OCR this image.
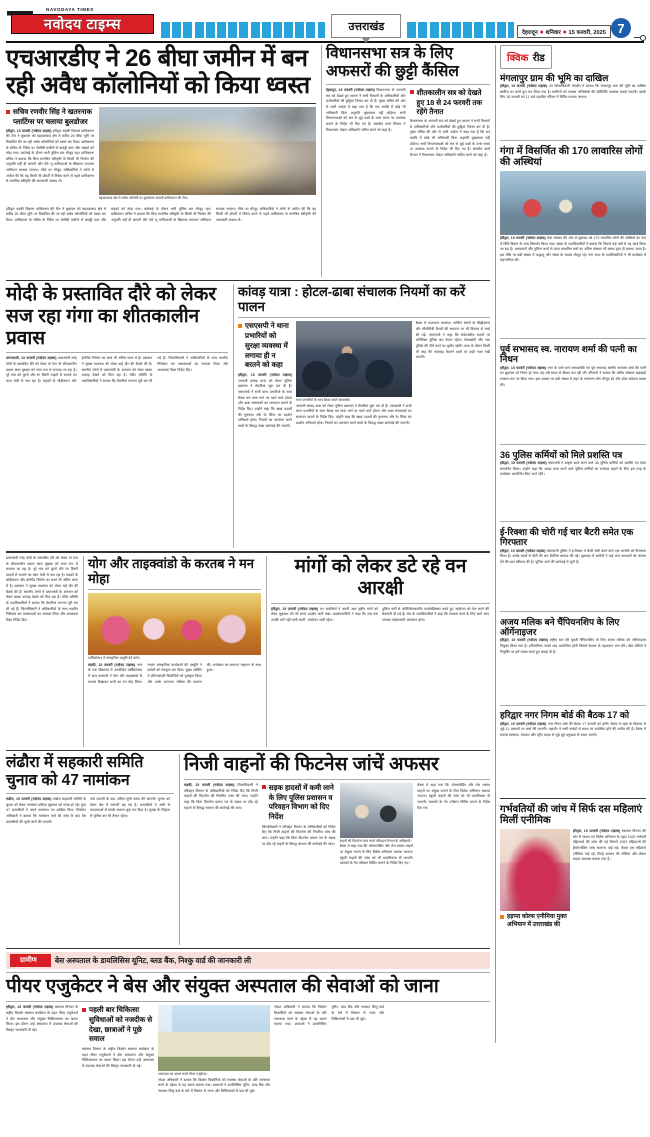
NAVODAYA TIMES
नवोदय टाइम्स	उत्तराखंड	देहरादून ● शनिवार ● 15 फरवरी, 2025 7
एचआरडीए ने 26 बीघा जमीन में बन रही अवैध कॉलोनियों को किया ध्वस्त
सचिव रणवीर सिंह ने खतरनाक प्लाटिंग्स पर चलाया बुलडोजर
हरिद्वार, 15 फरवरी (नवोदय टाइम्स) हरिद्वार रुड़की विकास प्राधिकरण की टीम ने शुक्रवार को बहादराबाद क्षेत्र में करीब 26 बीघा भूमि पर विकसित की जा रही अवैध कॉलोनियों को ध्वस्त कर दिया। प्राधिकरण के सचिव के निर्देश पर जेसीबी मशीनों से बाउंड्री वाल और सड़कों को तोड़ा गया। कार्रवाई के दौरान भारी पुलिस बल मौजूद रहा। प्राधिकरण सचिव ने बताया कि बिना मानचित्र स्वीकृति के किसी भी निर्माण की अनुमति नहीं दी जाएगी और ऐसे भू माफियाओं के खिलाफ लगातार अभियान चलाया जाएगा। मौके पर मौजूद अधिकारियों ने लोगों से अपील की कि वह किसी भी प्रॉपर्टी में निवेश करने से पहले प्राधिकरण से मानचित्र स्वीकृति की जानकारी अवश्य लें।
बहादराबाद क्षेत्र में अवैध कॉलोनी पर बुलडोजर चलाती प्राधिकरण की टीम।
हरिद्वार रुड़की विकास प्राधिकरण की टीम ने शुक्रवार को बहादराबाद क्षेत्र में करीब 26 बीघा भूमि पर विकसित की जा रही अवैध कॉलोनियों को ध्वस्त कर दिया। प्राधिकरण के सचिव के निर्देश पर जेसीबी मशीनों से बाउंड्री वाल और सड़कों को तोड़ा गया। कार्रवाई के दौरान भारी पुलिस बल मौजूद रहा। प्राधिकरण सचिव ने बताया कि बिना मानचित्र स्वीकृति के किसी भी निर्माण की अनुमति नहीं दी जाएगी और ऐसे भू माफियाओं के खिलाफ लगातार अभियान चलाया जाएगा। मौके पर मौजूद अधिकारियों ने लोगों से अपील की कि वह किसी भी प्रॉपर्टी में निवेश करने से पहले प्राधिकरण से मानचित्र स्वीकृति की जानकारी अवश्य लें।
विधानसभा सत्र के लिए अफसरों की छुट्टी कैंसिल
देहरादून, 15 फरवरी (नवोदय टाइम्स) विधानसभा के आगामी सत्र को देखते हुए शासन ने सभी विभागों के अधिकारियों और कर्मचारियों की छुट्टियां निरस्त कर दी हैं। मुख्य सचिव की ओर से जारी आदेश में कहा गया है कि सत्र अवधि में कोई भी अधिकारी बिना अनुमति मुख्यालय नहीं छोड़ेगा। सभी विभागाध्यक्षों को सत्र से जुड़े प्रश्नों के उत्तर समय पर उपलब्ध कराने के निर्देश भी दिए गए हैं। संसदीय कार्य विभाग ने विभागवार नोडल अधिकारी नामित करने को कहा है।
शीतकालीन सत्र को देखते हुए 18 से 24 फरवरी तक रहेंगे तैनात
विधानसभा के आगामी सत्र को देखते हुए शासन ने सभी विभागों के अधिकारियों और कर्मचारियों की छुट्टियां निरस्त कर दी हैं। मुख्य सचिव की ओर से जारी आदेश में कहा गया है कि सत्र अवधि में कोई भी अधिकारी बिना अनुमति मुख्यालय नहीं छोड़ेगा। सभी विभागाध्यक्षों को सत्र से जुड़े प्रश्नों के उत्तर समय पर उपलब्ध कराने के निर्देश भी दिए गए हैं। संसदीय कार्य विभाग ने विभागवार नोडल अधिकारी नामित करने को कहा है।
मोदी के प्रस्तावित दौरे को लेकर सज रहा गंगा का शीतकालीन प्रवास
उत्तरकाशी, 15 फरवरी (नवोदय टाइम्स) प्रधानमंत्री नरेंद्र मोदी के प्रस्तावित दौरे को लेकर मां गंगा के शीतकालीन प्रवास स्थल मुखबा को भव्य रूप से सजाया जा रहा है। पूरे गांव को फूलों और रंग बिरंगी लाइटों से सजाने का काम तेजी से चल रहा है। सड़कों के चौड़ीकरण और हेलीपैड निर्माण का कार्य भी अंतिम चरण में है। प्रशासन ने सुरक्षा व्यवस्था को लेकर कई दौर की बैठकें की हैं। स्थानीय लोगों में प्रधानमंत्री के आगमन को लेकर खासा उत्साह देखने को मिल रहा है। मंदिर समिति के पदाधिकारियों ने बताया कि तैयारियां लगभग पूरी कर ली गई हैं। जिलाधिकारी ने अधिकारियों के साथ स्थलीय निरीक्षण कर व्यवस्थाओं का जायजा लिया और आवश्यक दिशा निर्देश दिए।
कांवड़ यात्रा : होटल-ढाबा संचालक नियमों का करें पालन
एसएसपी ने थाना प्रभारियों को सुरक्षा व्यवस्था में लगाया ही न बरतने को कहा
हरिद्वार, 15 फरवरी (नवोदय टाइम्स) आगामी कांवड़ यात्रा को लेकर पुलिस प्रशासन ने तैयारियां शुरू कर दी हैं। एसएसपी ने सभी थाना प्रभारियों के साथ बैठक कर यात्रा मार्ग पर पड़ने वाले होटल और ढाबा संचालकों का सत्यापन कराने के निर्देश दिए। उन्होंने कहा कि खाद्य पदार्थों की गुणवत्ता और रेट लिस्ट का प्रदर्शन अनिवार्य होगा। नियमों का उल्लंघन करने वालों के विरुद्ध सख्त कार्रवाई की जाएगी।
थाना प्रभारियों के साथ बैठक करते एसएसपी।
आगामी कांवड़ यात्रा को लेकर पुलिस प्रशासन ने तैयारियां शुरू कर दी हैं। एसएसपी ने सभी थाना प्रभारियों के साथ बैठक कर यात्रा मार्ग पर पड़ने वाले होटल और ढाबा संचालकों का सत्यापन कराने के निर्देश दिए। उन्होंने कहा कि खाद्य पदार्थों की गुणवत्ता और रेट लिस्ट का प्रदर्शन अनिवार्य होगा। नियमों का उल्लंघन करने वालों के विरुद्ध सख्त कार्रवाई की जाएगी।
बैठक में यातायात व्यवस्था, पार्किंग स्थलों के चिह्नीकरण और सीसीटीवी कैमरों की स्थापना पर भी विस्तार से चर्चा की गई। एसएसपी ने कहा कि संवेदनशील स्थानों पर अतिरिक्त पुलिस बल तैनात रहेगा। गोताखोरों और जल पुलिस की टीमें घाटों पर मुस्तैद रहेंगी। यात्रा के दौरान किसी भी तरह की अफवाह फैलाने वालों पर कड़ी नजर रखी जाएगी।
प्रधानमंत्री नरेंद्र मोदी के प्रस्तावित दौरे को लेकर मां गंगा के शीतकालीन प्रवास स्थल मुखबा को भव्य रूप से सजाया जा रहा है। पूरे गांव को फूलों और रंग बिरंगी लाइटों से सजाने का काम तेजी से चल रहा है। सड़कों के चौड़ीकरण और हेलीपैड निर्माण का कार्य भी अंतिम चरण में है। प्रशासन ने सुरक्षा व्यवस्था को लेकर कई दौर की बैठकें की हैं। स्थानीय लोगों में प्रधानमंत्री के आगमन को लेकर खासा उत्साह देखने को मिल रहा है। मंदिर समिति के पदाधिकारियों ने बताया कि तैयारियां लगभग पूरी कर ली गई हैं। जिलाधिकारी ने अधिकारियों के साथ स्थलीय निरीक्षण कर व्यवस्थाओं का जायजा लिया और आवश्यक दिशा निर्देश दिए।
योग और ताइक्वांडो के करतब ने मन मोहा
वार्षिकोत्सव में सांस्कृतिक प्रस्तुति देते बच्चे।
रुड़की, 15 फरवरी (नवोदय टाइम्स) नगर के एक विद्यालय में आयोजित वार्षिकोत्सव में छात्र छात्राओं ने योग और ताइक्वांडो के करतब दिखाकर सभी का मन मोह लिया। रंगारंग सांस्कृतिक कार्यक्रमों की प्रस्तुति ने दर्शकों को मंत्रमुग्ध कर दिया। मुख्य अतिथि ने प्रतिभाशाली विद्यार्थियों को पुरस्कृत किया और उनके उज्ज्वल भविष्य की कामना की। कार्यक्रम का समापन राष्ट्रगान के साथ हुआ।
मांगों को लेकर डटे रहे वन आरक्षी
हरिद्वार, 15 फरवरी (नवोदय टाइम्स) वन आरक्षियों ने अपनी आठ सूत्रीय मांगों को लेकर शुक्रवार को भी धरना प्रदर्शन जारी रखा। प्रदर्शनकारियों ने कहा कि जब तक उनकी मांगें नहीं मानी जातीं, आंदोलन जारी रहेगा।
पुलिस पार्टी से अनिश्चितकालीन कार्यबहिष्कार करते हुए आंदोलन को तेज करने की चेतावनी दी गई है। संघ के पदाधिकारियों ने कहा कि सरकार वार्ता के लिए आगे आए अन्यथा प्रदेशव्यापी आंदोलन होगा।
लंढौरा में सहकारी समिति चुनाव को 47 नामांकन
लंढौरा, 15 फरवरी (नवोदय टाइम्स) लंढौरा सहकारी समिति के चुनाव को लेकर नामांकन प्रक्रिया शुक्रवार को संपन्न हो गई। कुल 47 प्रत्याशियों ने अपने नामांकन पत्र दाखिल किए। निर्वाचन अधिकारी ने बताया कि नामांकन पत्रों की जांच के बाद वैध प्रत्याशियों की सूची जारी की जाएगी।
नाम वापसी के बाद अंतिम सूची चस्पा की जाएगी। चुनाव को लेकर क्षेत्र में सरगर्मी बढ़ गई है। प्रत्याशियों ने अभी से मतदाताओं से संपर्क साधना शुरू कर दिया है। सुरक्षा के लिहाज से पुलिस बल भी तैनात रहेगा।
निजी वाहनों की फिटनेस जांचें अफसर
रुड़की, 15 फरवरी (नवोदय टाइम्स) जिलाधिकारी ने परिवहन विभाग के अधिकारियों को निर्देश दिए कि निजी वाहनों की फिटनेस की नियमित जांच की जाए। उन्होंने कहा कि बिना फिटनेस प्रमाण पत्र के सड़क पर दौड़ रहे वाहनों के विरुद्ध चालान की कार्रवाई की जाए।
सड़क हादसों में कमी लाने के लिए पुलिस प्रशासन व परिवहन विभाग को दिए निर्देश
जिलाधिकारी ने परिवहन विभाग के अधिकारियों को निर्देश दिए कि निजी वाहनों की फिटनेस की नियमित जांच की जाए। उन्होंने कहा कि बिना फिटनेस प्रमाण पत्र के सड़क पर दौड़ रहे वाहनों के विरुद्ध चालान की कार्रवाई की जाए।
वाहनों की फिटनेस जांच करते परिवहन विभाग के अधिकारी।
बैठक में कहा गया कि ओवरलोडिंग और तेज रफ्तार वाहनों पर अंकुश लगाने के लिए विशेष अभियान चलाया जाएगा। स्कूली वाहनों की जांच को भी प्राथमिकता दी जाएगी। चालकों के नेत्र परीक्षण शिविर लगाने के निर्देश दिए गए।
बैठक में कहा गया कि ओवरलोडिंग और तेज रफ्तार वाहनों पर अंकुश लगाने के लिए विशेष अभियान चलाया जाएगा। स्कूली वाहनों की जांच को भी प्राथमिकता दी जाएगी। चालकों के नेत्र परीक्षण शिविर लगाने के निर्देश दिए गए।
ग्रामीण	बेस अस्पताल के डायलिसिस यूनिट, ब्लड बैंक, निश्कु वार्ड की जानकारी ली
पीयर एजुकेटर ने बेस और संयुक्त अस्पताल की सेवाओं को जाना
हरिद्वार, 15 फरवरी (नवोदय टाइम्स) स्वास्थ्य विभाग के राष्ट्रीय किशोर स्वास्थ्य कार्यक्रम के तहत पीयर एजुकेटर्स ने बेस अस्पताल और संयुक्त चिकित्सालय का भ्रमण किया। इस दौरान उन्हें अस्पताल में उपलब्ध सेवाओं की विस्तृत जानकारी दी गई।
पहली बार चिकित्सा सुविधाओं को नजदीक से देखा, छात्राओं ने पूछे सवाल
स्वास्थ्य विभाग के राष्ट्रीय किशोर स्वास्थ्य कार्यक्रम के तहत पीयर एजुकेटर्स ने बेस अस्पताल और संयुक्त चिकित्सालय का भ्रमण किया। इस दौरान उन्हें अस्पताल में उपलब्ध सेवाओं की विस्तृत जानकारी दी गई।
अस्पताल का भ्रमण करते पीयर एजुकेटर।
नोडल अधिकारी ने बताया कि किशोर किशोरियों को स्वास्थ्य सेवाओं के प्रति जागरूक करने के उद्देश्य से यह भ्रमण कराया गया। छात्राओं ने डायलिसिस यूनिट, ब्लड बैंक और नवजात शिशु वार्ड के बारे में विस्तार से जाना और चिकित्सकों से प्रश्न भी पूछे।
नोडल अधिकारी ने बताया कि किशोर किशोरियों को स्वास्थ्य सेवाओं के प्रति जागरूक करने के उद्देश्य से यह भ्रमण कराया गया। छात्राओं ने डायलिसिस यूनिट, ब्लड बैंक और नवजात शिशु वार्ड के बारे में विस्तार से जाना और चिकित्सकों से प्रश्न भी पूछे।
क्विक रीड
मंगलापुर ग्राम की भूमि का दाखिल
हरिद्वार, 15 फरवरी (नवोदय टाइम्स) उप जिलाधिकारी मंगलौर ने बताया कि मंगलापुर ग्राम की भूमि का दाखिल खारिज का कार्य पूरा कर लिया गया है। ग्रामीणों को राजस्व अभिलेखों की प्रतिलिपि उपलब्ध कराई जाएगी। इसके लिए 18 फरवरी को 11 बजे तहसील परिसर में शिविर लगाया जाएगा।
गंगा में विसर्जित की 170 लावारिस लोगों की अस्थियां
हरिद्वार, 15 फरवरी (नवोदय टाइम्स) सेवा संस्थान की ओर से शुक्रवार को 170 लावारिस लोगों की अस्थियों का गंगा में विधि विधान के साथ विसर्जन किया गया। संस्था के पदाधिकारियों ने बताया कि पिछले कई वर्षों से यह कार्य किया जा रहा है। अस्पतालों और पुलिस थानों से प्राप्त लावारिस शवों का अंतिम संस्कार भी संस्था द्वारा ही कराया जाता है। इस मौके पर बड़ी संख्या में श्रद्धालु और संस्था के सदस्य मौजूद रहे। गंगा सभा के पदाधिकारियों ने भी कार्यक्रम में सहभागिता की।
पूर्व सभासद स्व. नारायण शर्मा की पत्नी का निधन
हरिद्वार, 15 फरवरी (नवोदय टाइम्स) नगर के जाने माने समाजसेवी एवं पूर्व सभासद स्वर्गीय नारायण शर्मा की पत्नी का शुक्रवार को निधन हो गया। वह लंबे समय से बीमार चल रही थीं। परिजनों ने बताया कि अंतिम संस्कार खड़खड़ी श्मशान घाट पर किया गया। इस अवसर पर बड़ी संख्या में शहर के गणमान्य लोग मौजूद रहे और शोक संवेदना व्यक्त की।
36 पुलिस कर्मियों को मिले प्रशस्ति पत्र
हरिद्वार, 15 फरवरी (नवोदय टाइम्स) एसएसपी ने उत्कृष्ट कार्य करने वाले 36 पुलिस कर्मियों को प्रशस्ति पत्र देकर सम्मानित किया। उन्होंने कहा कि अच्छा काम करने वाले पुलिस कर्मियों का मनोबल बढ़ाने के लिए इस तरह के कार्यक्रम आयोजित किए जाते रहेंगे।
ई-रिक्शा की चोरी गई चार बैटरी समेत एक गिरफ्तार
हरिद्वार, 15 फरवरी (नवोदय टाइम्स) कोतवाली पुलिस ने ई-रिक्शा से बैटरी चोरी करने वाले एक आरोपी को गिरफ्तार किया है। उसके कब्जे से चोरी की चार बैटरियां बरामद की गईं। पूछताछ में आरोपी ने कई अन्य वारदातों को अंजाम देने की बात स्वीकार की है। पुलिस आगे की कार्रवाई में जुटी है।
अजय मलिक बने चैंपियनशिप के लिए ऑर्गेनाइजर
हरिद्वार, 15 फरवरी (नवोदय टाइम्स) राष्ट्रीय स्तर की कुश्ती चैंपियनशिप के लिए अजय मलिक को ऑर्गेनाइजर नियुक्त किया गया है। प्रतियोगिता अगले माह आयोजित होगी जिसमें देशभर के पहलवान भाग लेंगे। खेल प्रेमियों ने नियुक्ति पर हर्ष व्यक्त करते हुए बधाई दी है।
हरिद्वार नगर निगम बोर्ड की बैठक 17 को
हरिद्वार, 15 फरवरी (नवोदय टाइम्स) नगर निगम बोर्ड की बैठक 17 फरवरी को होगी। बैठक में शहर के विकास से जुड़े 11 प्रस्तावों पर चर्चा की जाएगी। महापौर ने सभी पार्षदों से समय पर उपस्थित होने की अपील की है। बैठक में सफाई व्यवस्था, पेयजल और स्ट्रीट लाइट से जुड़े मुद्दे प्रमुखता से उठाए जाएंगे।
गर्भवतियों की जांच में सिर्फ दस महिलाएं मिलीं एनीमिक
हड़प्पा कोल्स एनीमिया मुक्त अभियान में उत्तराखंड की
हरिद्वार, 15 फरवरी (नवोदय टाइम्स) स्वास्थ्य विभाग की ओर से चलाए गए विशेष अभियान के तहत 1320 गर्भवती महिलाओं की जांच की गई जिसमें 1003 महिलाओं की हीमोग्लोबिन जांच सामान्य पाई गई। केवल दस महिलाएं एनीमिक पाई गईं, जिन्हें आयरन की गोलियां और पोषण आहार उपलब्ध कराया गया है।
